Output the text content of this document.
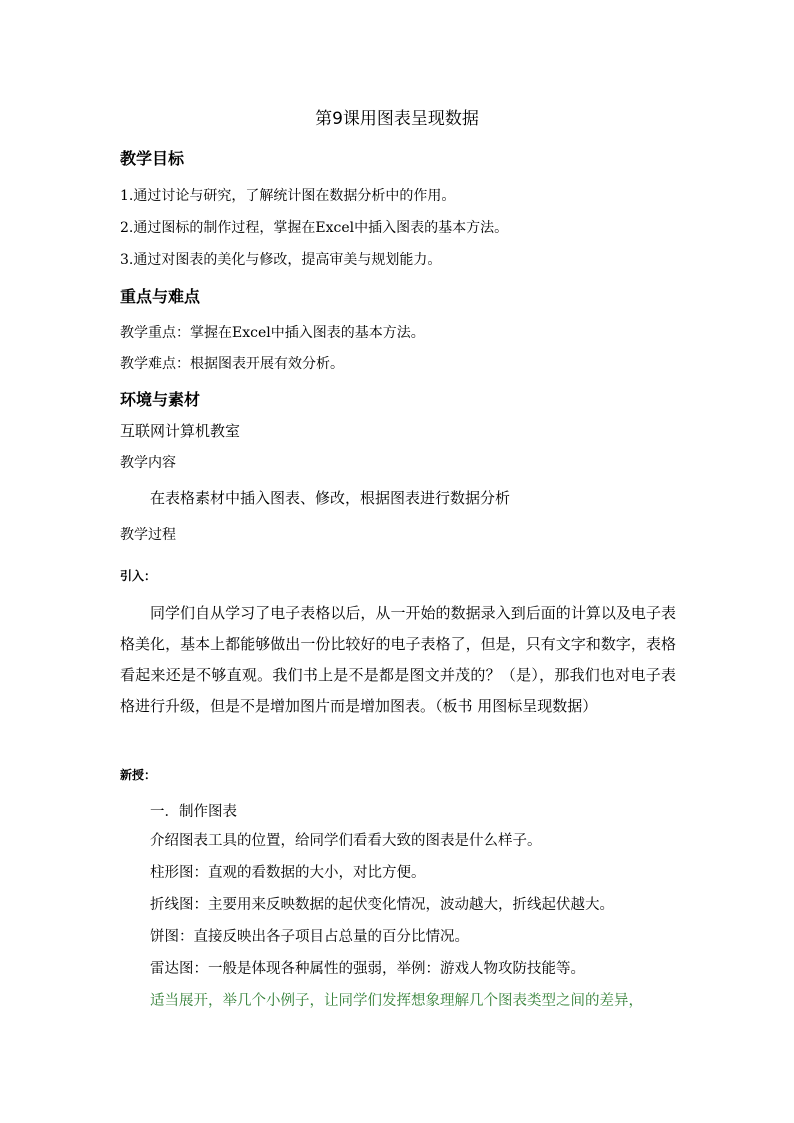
第9课用图表呈现数据
教学目标
1.通过讨论与研究，了解统计图在数据分析中的作用。
2.通过图标的制作过程，掌握在Excel中插入图表的基本方法。
3.通过对图表的美化与修改，提高审美与规划能力。
重点与难点
教学重点：掌握在Excel中插入图表的基本方法。
教学难点：根据图表开展有效分析。
环境与素材
互联网计算机教室
教学内容
在表格素材中插入图表、修改，根据图表进行数据分析
教学过程
引入：
同学们自从学习了电子表格以后，从一开始的数据录入到后面的计算以及电子表格美化，基本上都能够做出一份比较好的电子表格了，但是，只有文字和数字，表格看起来还是不够直观。我们书上是不是都是图文并茂的？（是），那我们也对电子表格进行升级，但是不是增加图片而是增加图表。（板书 用图标呈现数据）
新授：
一．制作图表
介绍图表工具的位置，给同学们看看大致的图表是什么样子。
柱形图：直观的看数据的大小，对比方便。
折线图：主要用来反映数据的起伏变化情况，波动越大，折线起伏越大。
饼图：直接反映出各子项目占总量的百分比情况。
雷达图：一般是体现各种属性的强弱，举例：游戏人物攻防技能等。
适当展开，举几个小例子，让同学们发挥想象理解几个图表类型之间的差异，
